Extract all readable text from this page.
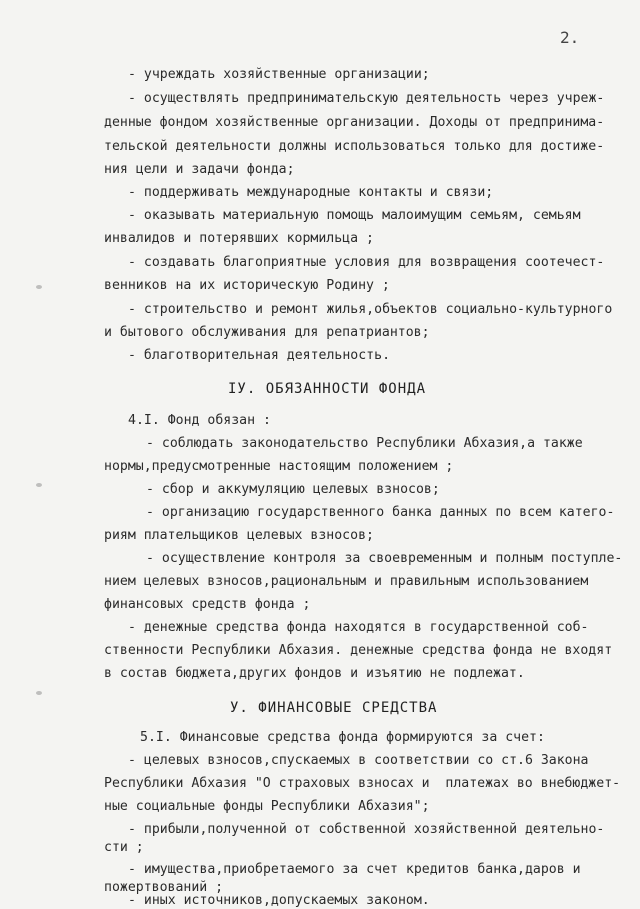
2.
- учреждать хозяйственные организации;
- осуществлять предпринимательскую деятельность через учреж-
денные фондом хозяйственные организации. Доходы от предпринима-
тельской деятельности должны использоваться только для достиже-
ния цели и задачи фонда;
- поддерживать международные контакты и связи;
- оказывать материальную помощь малоимущим семьям, семьям
инвалидов и потерявших кормильца ;
- создавать благоприятные условия для возвращения соотечест-
венников на их историческую Родину ;
- строительство и ремонт жилья,объектов социально-культурного
и бытового обслуживания для репатриантов;
- благотворительная деятельность.
IУ. ОБЯЗАННОСТИ ФОНДА
4.I. Фонд обязан :
- соблюдать законодательство Республики Абхазия,а также
нормы,предусмотренные настоящим положением ;
- сбор и аккумуляцию целевых взносов;
- организацию государственного банка данных по всем катего-
риям плательщиков целевых взносов;
- осуществление контроля за своевременным и полным поступле-
нием целевых взносов,рациональным и правильным использованием
финансовых средств фонда ;
- денежные средства фонда находятся в государственной соб-
ственности Республики Абхазия. денежные средства фонда не входят
в состав бюджета,других фондов и изъятию не подлежат.
У. ФИНАНСОВЫЕ СРЕДСТВА
5.I. Финансовые средства фонда формируются за счет:
- целевых взносов,спускаемых в соответствии со ст.6 Закона
Республики Абхазия "О страховых взносах и  платежах во внебюджет-
ные социальные фонды Республики Абхазия";
- прибыли,полученной от собственной хозяйственной деятельно-
сти ;
- имущества,приобретаемого за счет кредитов банка,даров и
пожертвований ;
- иных источников,допускаемых законом.
